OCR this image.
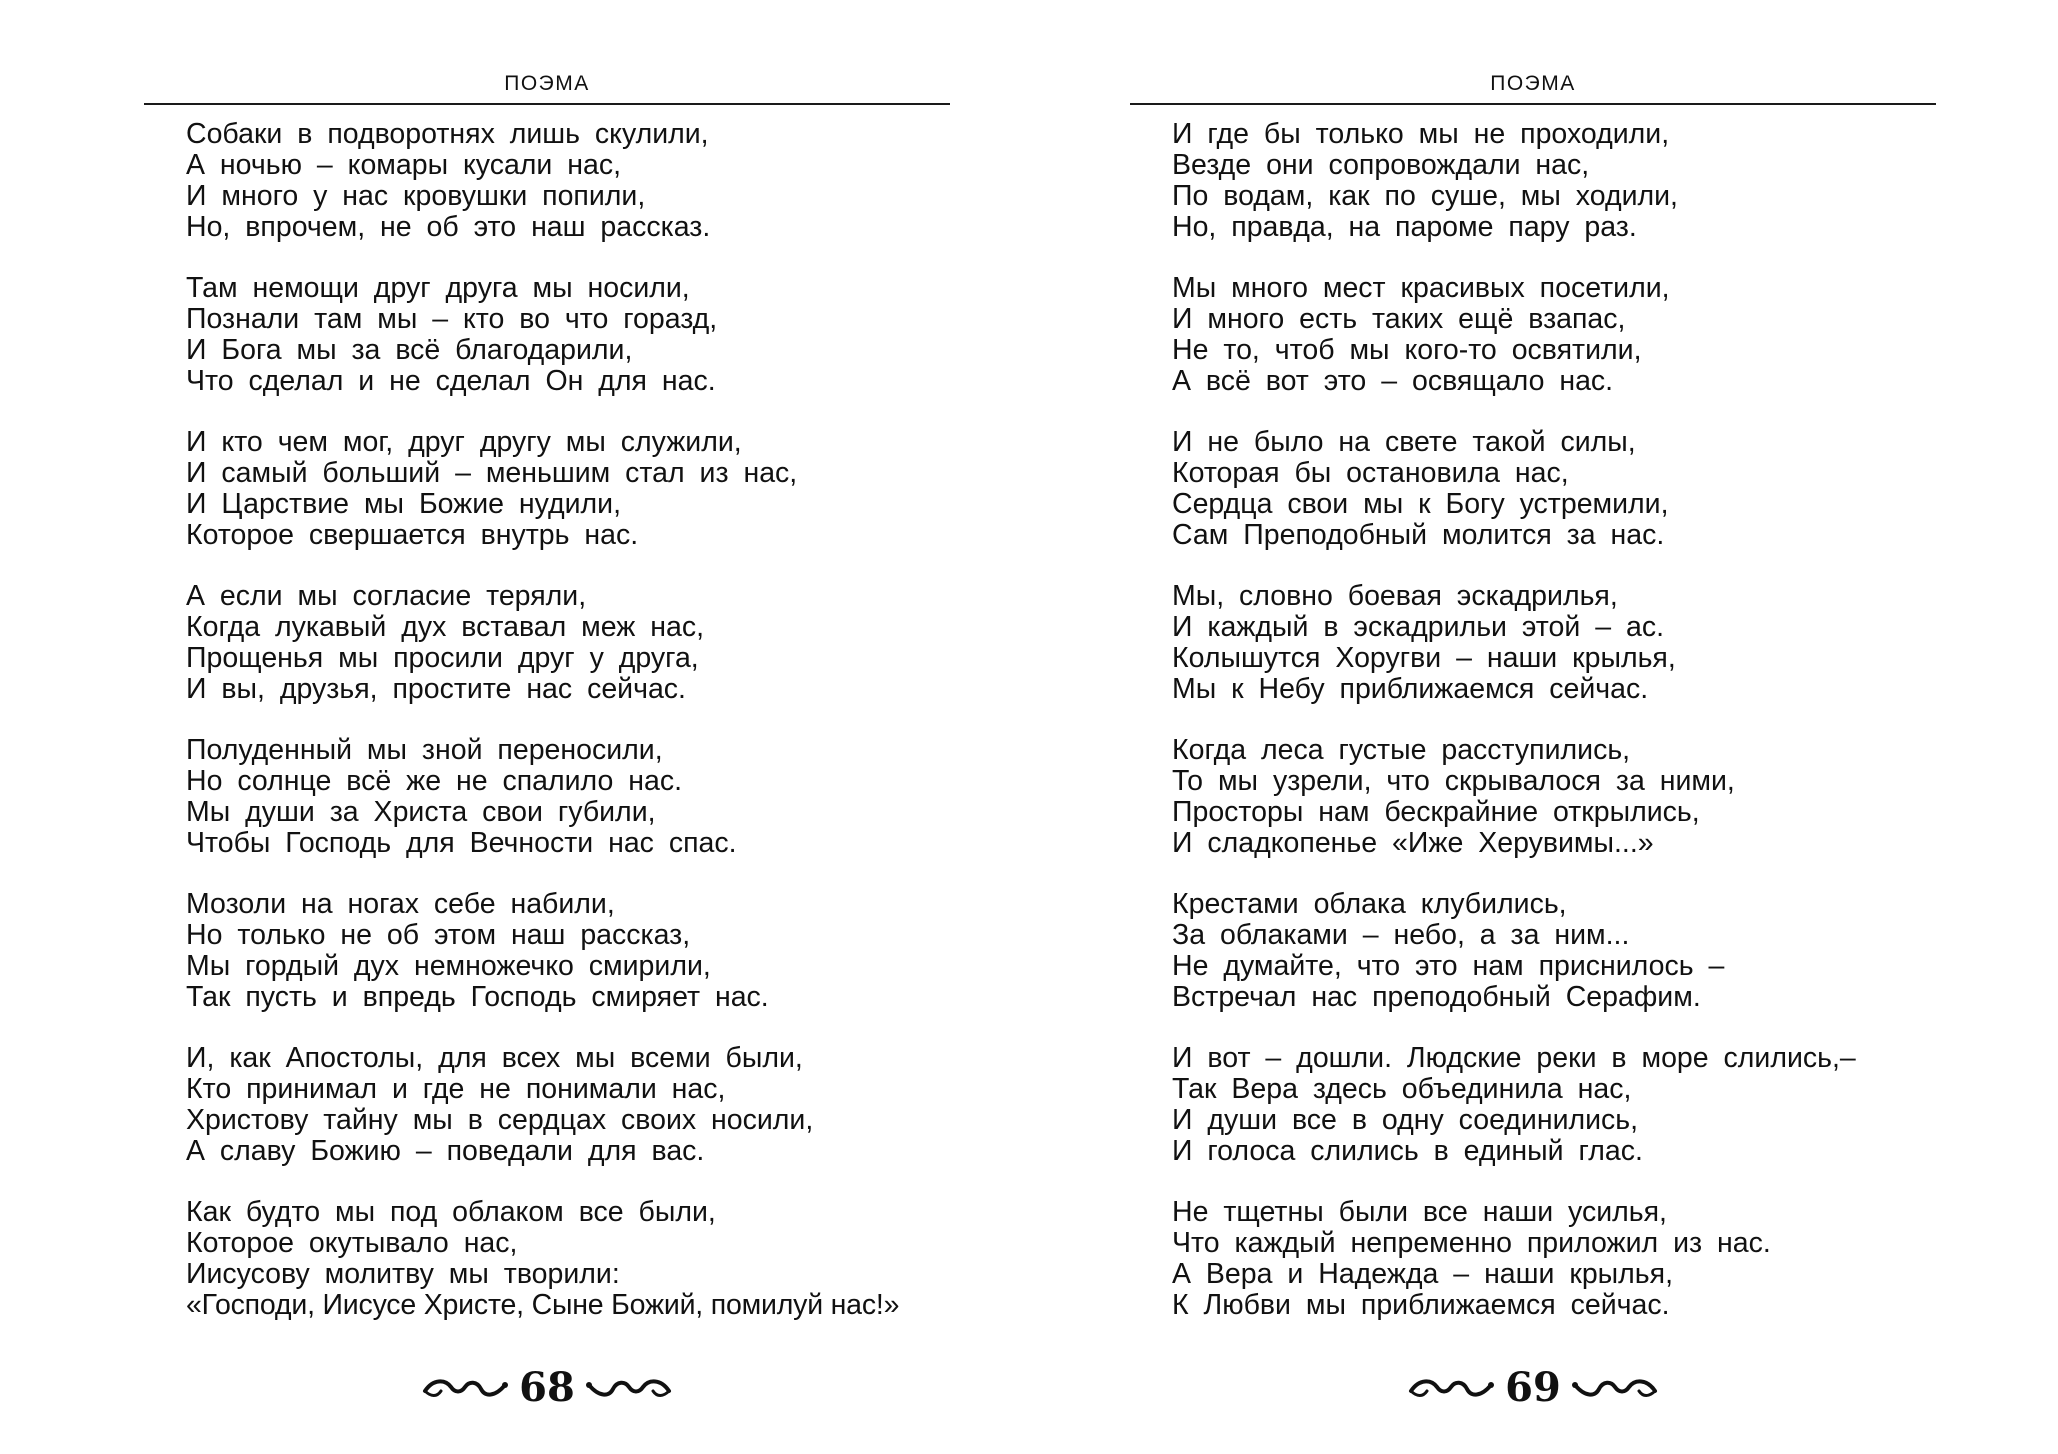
ПОЭМА
Собаки в подворотнях лишь скулили,
А ночью – комары кусали нас,
И много у нас кровушки попили,
Но, впрочем, не об это наш рассказ.
Там немощи друг друга мы носили,
Познали там мы – кто во что горазд,
И Бога мы за всё благодарили,
Что сделал и не сделал Он для нас.
И кто чем мог, друг другу мы служили,
И самый больший – меньшим стал из нас,
И Царствие мы Божие нудили,
Которое свершается внутрь нас.
А если мы согласие теряли,
Когда лукавый дух вставал меж нас,
Прощенья мы просили друг у друга,
И вы, друзья, простите нас сейчас.
Полуденный мы зной переносили,
Но солнце всё же не спалило нас.
Мы души за Христа свои губили,
Чтобы Господь для Вечности нас спас.
Мозоли на ногах себе набили,
Но только не об этом наш рассказ,
Мы гордый дух немножечко смирили,
Так пусть и впредь Господь смиряет нас.
И, как Апостолы, для всех мы всеми были,
Кто принимал и где не понимали нас,
Христову тайну мы в сердцах своих носили,
А славу Божию – поведали для вас.
Как будто мы под облаком все были,
Которое окутывало нас,
Иисусову молитву мы творили:
«Господи, Иисусе Христе, Сыне Божий, помилуй нас!»
68
ПОЭМА
И где бы только мы не проходили,
Везде они сопровождали нас,
По водам, как по суше, мы ходили,
Но, правда, на пароме пару раз.
Мы много мест красивых посетили,
И много есть таких ещё взапас,
Не то, чтоб мы кого-то освятили,
А всё вот это – освящало нас.
И не было на свете такой силы,
Которая бы остановила нас,
Сердца свои мы к Богу устремили,
Сам Преподобный молится за нас.
Мы, словно боевая эскадрилья,
И каждый в эскадрильи этой – ас.
Колышутся Хоругви – наши крылья,
Мы к Небу приближаемся сейчас.
Когда леса густые расступились,
То мы узрели, что скрывалося за ними,
Просторы нам бескрайние открылись,
И сладкопенье «Иже Херувимы...»
Крестами облака клубились,
За облаками – небо, а за ним...
Не думайте, что это нам приснилось –
Встречал нас преподобный Серафим.
И вот – дошли. Людские реки в море слились,–
Так Вера здесь объединила нас,
И души все в одну соединились,
И голоса слились в единый глас.
Не тщетны были все наши усилья,
Что каждый непременно приложил из нас.
А Вера и Надежда – наши крылья,
К Любви мы приближаемся сейчас.
69
